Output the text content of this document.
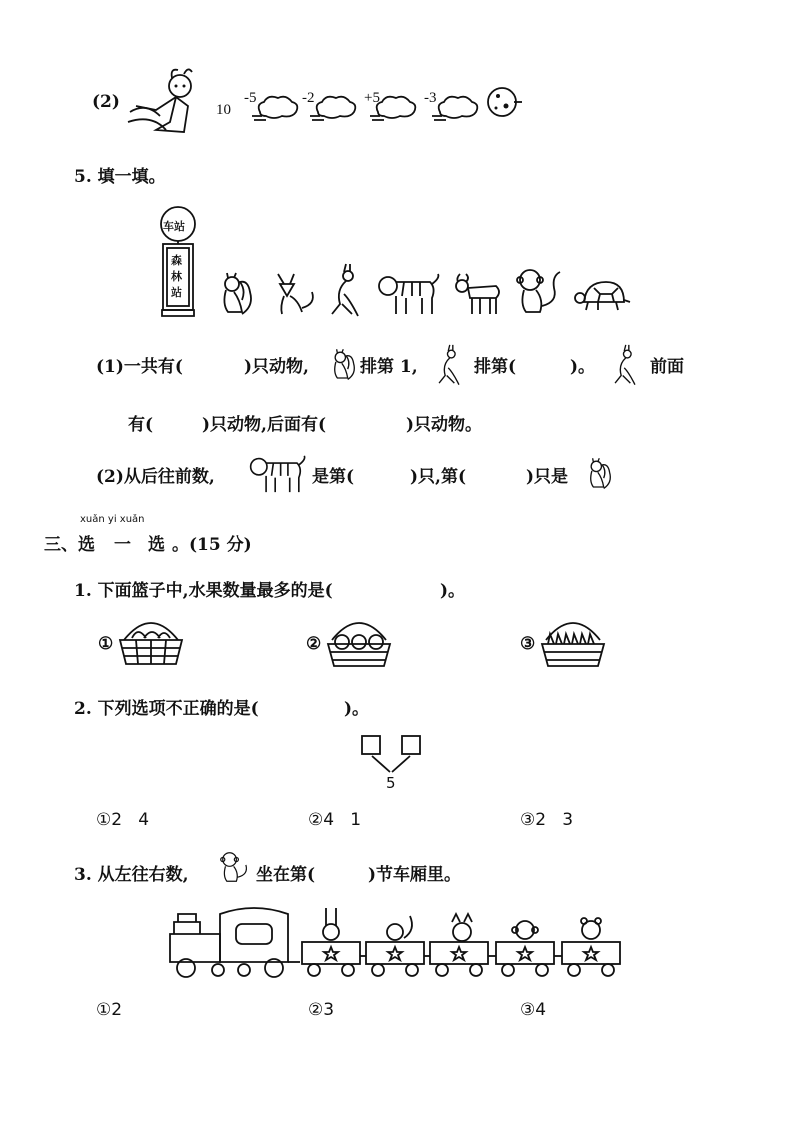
(2)	10
-5	-2	+5	-3
5. 填一填。
车站
森
林
站
(1)一共有(	)只动物,	排第 1,	排第(	)。	前面
有(	)只动物,后面有(	)只动物。
(2)从后往前数,	是第(	)只,第(	)只是
xuǎn yi xuǎn
三、选 一 选 。(15 分)
1. 下面篮子中,水果数量最多的是(	)。
①	②	③
2. 下列选项不正确的是(	)。
5
①2   4	②4   1	③2   3
3. 从左往右数,	坐在第(	)节车厢里。
①2	②3	③4
